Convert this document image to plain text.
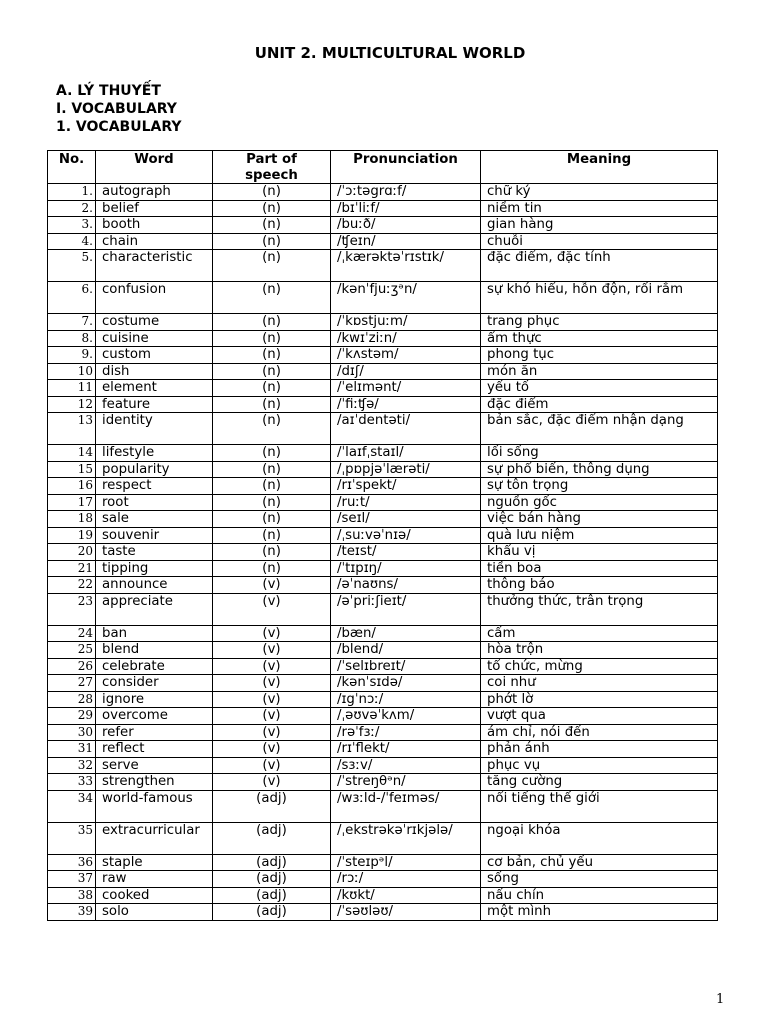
UNIT 2. MULTICULTURAL WORLD
A. LÝ THUYẾT
I. VOCABULARY
1. VOCABULARY
No.	Word	Part of speech	Pronunciation	Meaning
1.	autograph	(n)	/ˈɔːtəgrɑːf/	chữ ký
2.	belief	(n)	/bɪˈliːf/	niềm tin
3.	booth	(n)	/buːð/	gian hàng
4.	chain	(n)	/ʧeɪn/	chuỗi
5.	characteristic	(n)	/ˌkærəktəˈrɪstɪk/	đặc điểm, đặc tính
6.	confusion	(n)	/kənˈfjuːʒᵊn/	sự khó hiểu, hỗn độn, rối rắm
7.	costume	(n)	/ˈkɒstjuːm/	trang phục
8.	cuisine	(n)	/kwɪˈziːn/	ẩm thực
9.	custom	(n)	/ˈkʌstəm/	phong tục
10	dish	(n)	/dɪʃ/	món ăn
11	element	(n)	/ˈelɪmənt/	yếu tố
12	feature	(n)	/ˈfiːʧə/	đặc điểm
13	identity	(n)	/aɪˈdentəti/	bản sắc, đặc điểm nhận dạng
14	lifestyle	(n)	/ˈlaɪfˌstaɪl/	lối sống
15	popularity	(n)	/ˌpɒpjəˈlærəti/	sự phổ biến, thông dụng
16	respect	(n)	/rɪˈspekt/	sự tôn trọng
17	root	(n)	/ruːt/	nguồn gốc
18	sale	(n)	/seɪl/	việc bán hàng
19	souvenir	(n)	/ˌsuːvəˈnɪə/	quà lưu niệm
20	taste	(n)	/teɪst/	khẩu vị
21	tipping	(n)	/ˈtɪpɪŋ/	tiền boa
22	announce	(v)	/əˈnaʊns/	thông báo
23	appreciate	(v)	/əˈpriːʃieɪt/	thưởng thức, trân trọng
24	ban	(v)	/bæn/	cấm
25	blend	(v)	/blend/	hòa trộn
26	celebrate	(v)	/ˈselɪbreɪt/	tổ chức, mừng
27	consider	(v)	/kənˈsɪdə/	coi như
28	ignore	(v)	/ɪgˈnɔː/	phớt lờ
29	overcome	(v)	/ˌəʊvəˈkʌm/	vượt qua
30	refer	(v)	/rəˈfɜː/	ám chỉ, nói đến
31	reflect	(v)	/rɪˈflekt/	phản ánh
32	serve	(v)	/sɜːv/	phục vụ
33	strengthen	(v)	/ˈstreŋθᵊn/	tăng cường
34	world-famous	(adj)	/wɜːld-/ˈfeɪməs/	nổi tiếng thế giới
35	extracurricular	(adj)	/ˌekstrəkəˈrɪkjələ/	ngoại khóa
36	staple	(adj)	/ˈsteɪpᵊl/	cơ bản, chủ yếu
37	raw	(adj)	/rɔː/	sống
38	cooked	(adj)	/kʊkt/	nấu chín
39	solo	(adj)	/ˈsəʊləʊ/	một mình
1
